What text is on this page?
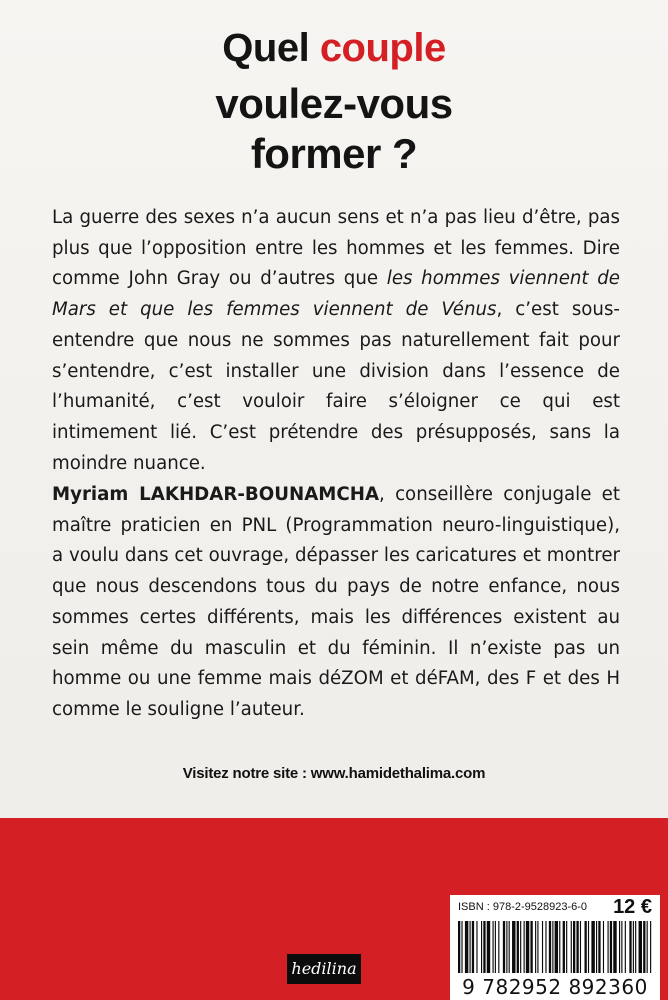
Quel couple
voulez-vous
former ?

La guerre des sexes n’a aucun sens et n’a pas lieu d’être, pas plus que l’opposition entre les hommes et les femmes. Dire comme John Gray ou d’autres que les hommes viennent de Mars et que les femmes viennent de Vénus, c’est sous-entendre que nous ne sommes pas naturellement fait pour s’entendre, c’est installer une division dans l’essence de l’humanité, c’est vouloir faire s’éloigner ce qui est intimement lié. C’est prétendre des présupposés, sans la moindre nuance.

Myriam LAKHDAR-BOUNAMCHA, conseillère conjugale et maître praticien en PNL (Programmation neuro-linguistique), a voulu dans cet ouvrage, dépasser les caricatures et montrer que nous descendons tous du pays de notre enfance, nous sommes certes différents, mais les différences existent au sein même du masculin et du féminin. Il n’existe pas un homme ou une femme mais déZOM et déFAM, des F et des H comme le souligne l’auteur.

Visitez notre site : www.hamidethalima.com
hedilina
ISBN : 978-2-9528923-6-0 12 €
9 782952 892360
